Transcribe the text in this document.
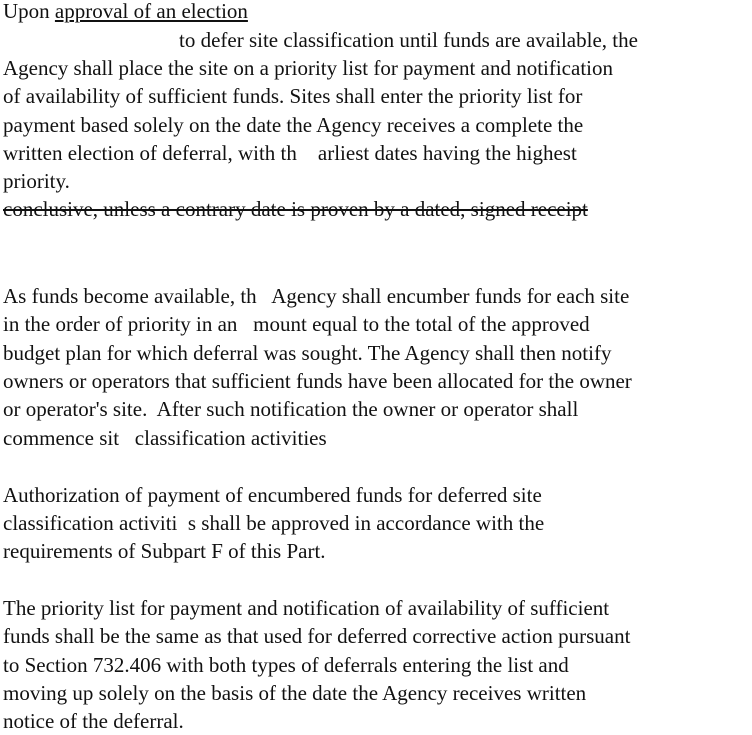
Upon approval of an election
to defer site classification until funds are available, the
Agency shall place the site on a priority list for payment and notification
of availability of sufficient funds. Sites shall enter the priority list for
payment based solely on the date the Agency receives a complete the
written election of deferral, with th    arliest dates having the highest
priority.
conclusive, unless a contrary date is proven by a dated, signed receipt
As funds become available, th   Agency shall encumber funds for each site
in the order of priority in an   mount equal to the total of the approved
budget plan for which deferral was sought. The Agency shall then notify
owners or operators that sufficient funds have been allocated for the owner
or operator's site.  After such notification the owner or operator shall
commence sit   classification activities
Authorization of payment of encumbered funds for deferred site
classification activiti  s shall be approved in accordance with the
requirements of Subpart F of this Part.
The priority list for payment and notification of availability of sufficient
funds shall be the same as that used for deferred corrective action pursuant
to Section 732.406 with both types of deferrals entering the list and
moving up solely on the basis of the date the Agency receives written
notice of the deferral.
